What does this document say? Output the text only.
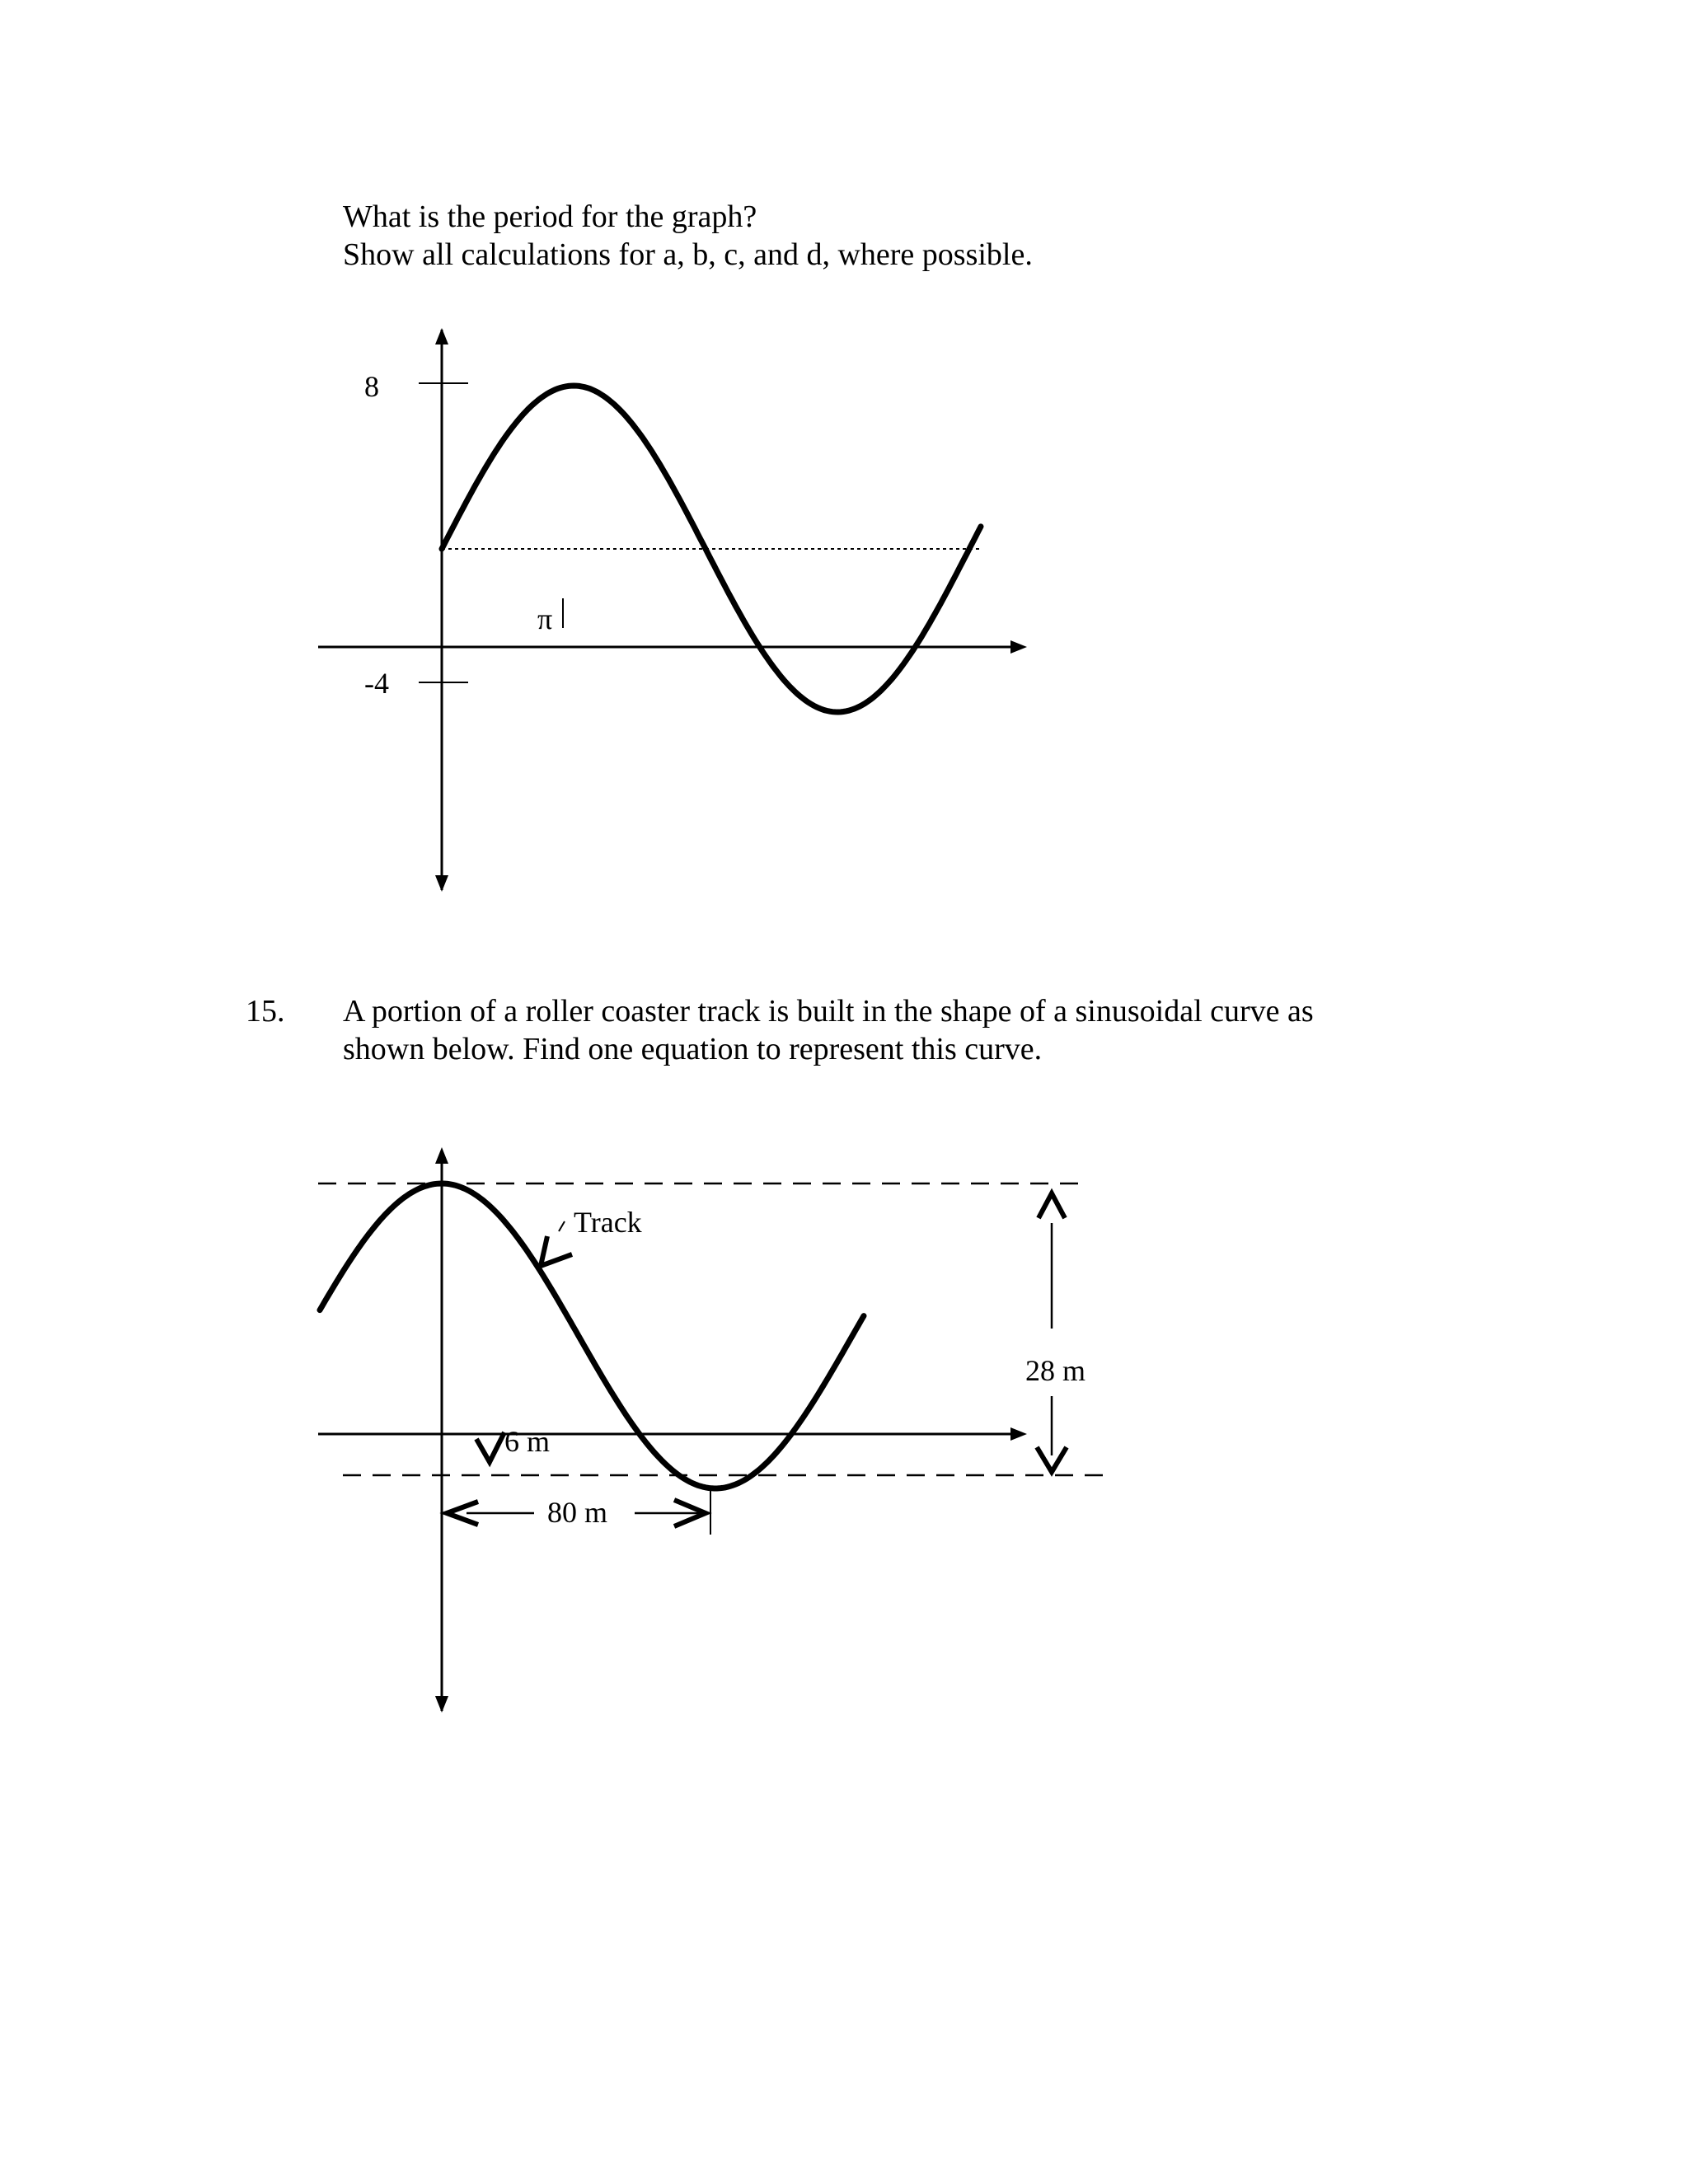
What is the period for the graph?
Show all calculations for a, b, c, and d, where possible.
8
-4
π
15. A portion of a roller coaster track is built in the shape of a sinusoidal curve as
shown below. Find one equation to represent this curve.
Track
28 m
6 m
80 m
